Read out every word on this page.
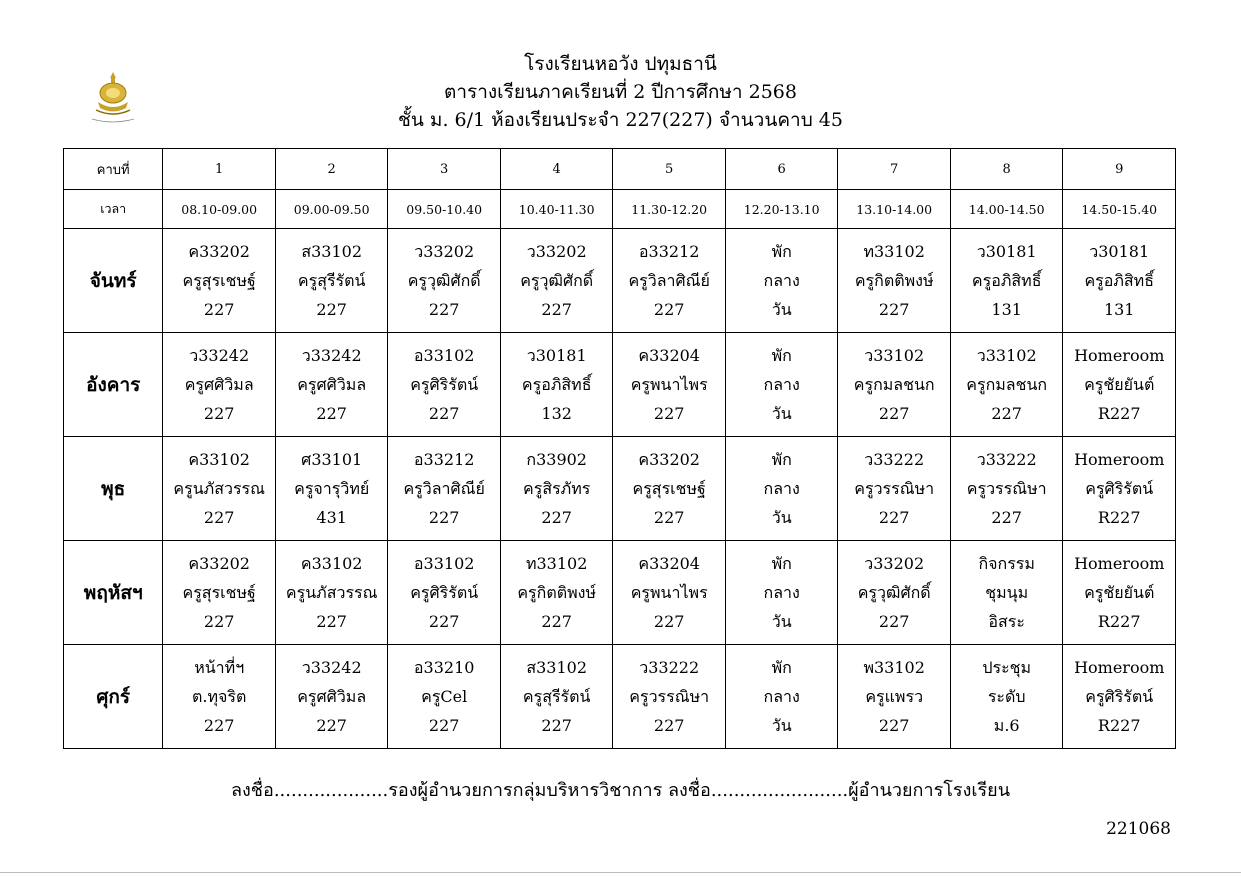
โรงเรียนหอวัง ปทุมธานี
ตารางเรียนภาคเรียนที่ 2 ปีการศึกษา 2568
ชั้น ม. 6/1 ห้องเรียนประจำ 227(227) จำนวนคาบ 45
คาบที่	1	2	3	4	5	6	7	8	9
เวลา	08.10-09.00	09.00-09.50	09.50-10.40	10.40-11.30	11.30-12.20	12.20-13.10	13.10-14.00	14.00-14.50	14.50-15.40
จันทร์	ค33202
ครูสุรเชษฐ์
227	ส33102
ครูสุรีรัตน์
227	ว33202
ครูวุฒิศักดิ์
227	ว33202
ครูวุฒิศักดิ์
227	อ33212
ครูวิลาศิณีย์
227	พัก
กลาง
วัน	ท33102
ครูกิตติพงษ์
227	ว30181
ครูอภิสิทธิ์
131	ว30181
ครูอภิสิทธิ์
131

อังคาร	ว33242
ครูศศิวิมล
227	ว33242
ครูศศิวิมล
227	อ33102
ครูศิริรัตน์
227	ว30181
ครูอภิสิทธิ์
132	ค33204
ครูพนาไพร
227	พัก
กลาง
วัน	ว33102
ครูกมลชนก
227	ว33102
ครูกมลชนก
227	Homeroom
ครูชัยยันต์
R227

พุธ	ค33102
ครูนภัสวรรณ
227	ศ33101
ครูจารุวิทย์
431	อ33212
ครูวิลาศิณีย์
227	ก33902
ครูสิรภัทร
227	ค33202
ครูสุรเชษฐ์
227	พัก
กลาง
วัน	ว33222
ครูวรรณิษา
227	ว33222
ครูวรรณิษา
227	Homeroom
ครูศิริรัตน์
R227

พฤหัสฯ	ค33202
ครูสุรเชษฐ์
227	ค33102
ครูนภัสวรรณ
227	อ33102
ครูศิริรัตน์
227	ท33102
ครูกิตติพงษ์
227	ค33204
ครูพนาไพร
227	พัก
กลาง
วัน	ว33202
ครูวุฒิศักดิ์
227	กิจกรรม
ชุมนุม
อิสระ	Homeroom
ครูชัยยันต์
R227

ศุกร์	หน้าที่ฯ
ต.ทุจริต
227	ว33242
ครูศศิวิมล
227	อ33210
ครูCel
227	ส33102
ครูสุรีรัตน์
227	ว33222
ครูวรรณิษา
227	พัก
กลาง
วัน	พ33102
ครูแพรว
227	ประชุม
ระดับ
ม.6	Homeroom
ครูศิริรัตน์
R227
ลงชื่อ....................รองผู้อำนวยการกลุ่มบริหารวิชาการ ลงชื่อ........................ผู้อำนวยการโรงเรียน
221068
